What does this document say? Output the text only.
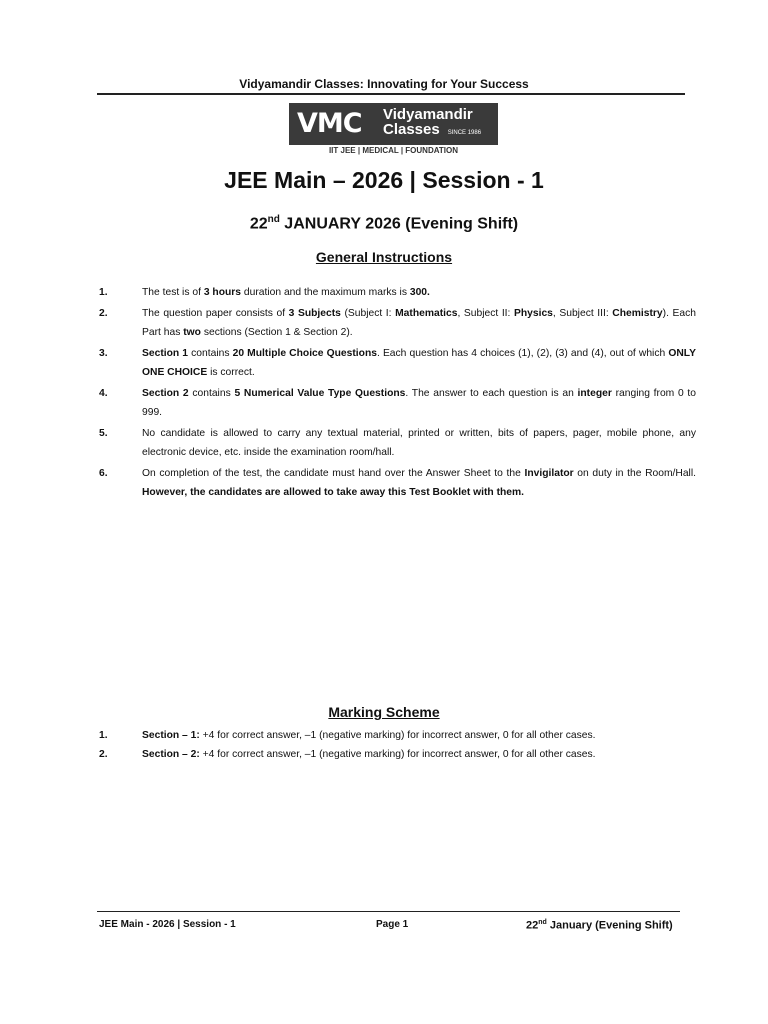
Vidyamandir Classes: Innovating for Your Success
VMC	Vidyamandir
Classes SINCE 1986
IIT JEE | MEDICAL | FOUNDATION
JEE Main – 2026 | Session - 1
22nd JANUARY 2026 (Evening Shift)
General Instructions
1.	The test is of 3 hours duration and the maximum marks is 300.
2.	The question paper consists of 3 Subjects (Subject I: Mathematics, Subject II: Physics, Subject III: Chemistry). Each Part has two sections (Section 1 & Section 2).
3.	Section 1 contains 20 Multiple Choice Questions. Each question has 4 choices (1), (2), (3) and (4), out of which ONLY ONE CHOICE is correct.
4.	Section 2 contains 5 Numerical Value Type Questions. The answer to each question is an integer ranging from 0 to 999.
5.	No candidate is allowed to carry any textual material, printed or written, bits of papers, pager, mobile phone, any electronic device, etc. inside the examination room/hall.
6.	On completion of the test, the candidate must hand over the Answer Sheet to the Invigilator on duty in the Room/Hall. However, the candidates are allowed to take away this Test Booklet with them.
Marking Scheme
1.	Section – 1: +4 for correct answer, –1 (negative marking) for incorrect answer, 0 for all other cases.
2.	Section – 2: +4 for correct answer, –1 (negative marking) for incorrect answer, 0 for all other cases.
JEE Main - 2026 | Session - 1	Page 1	22nd January (Evening Shift)
